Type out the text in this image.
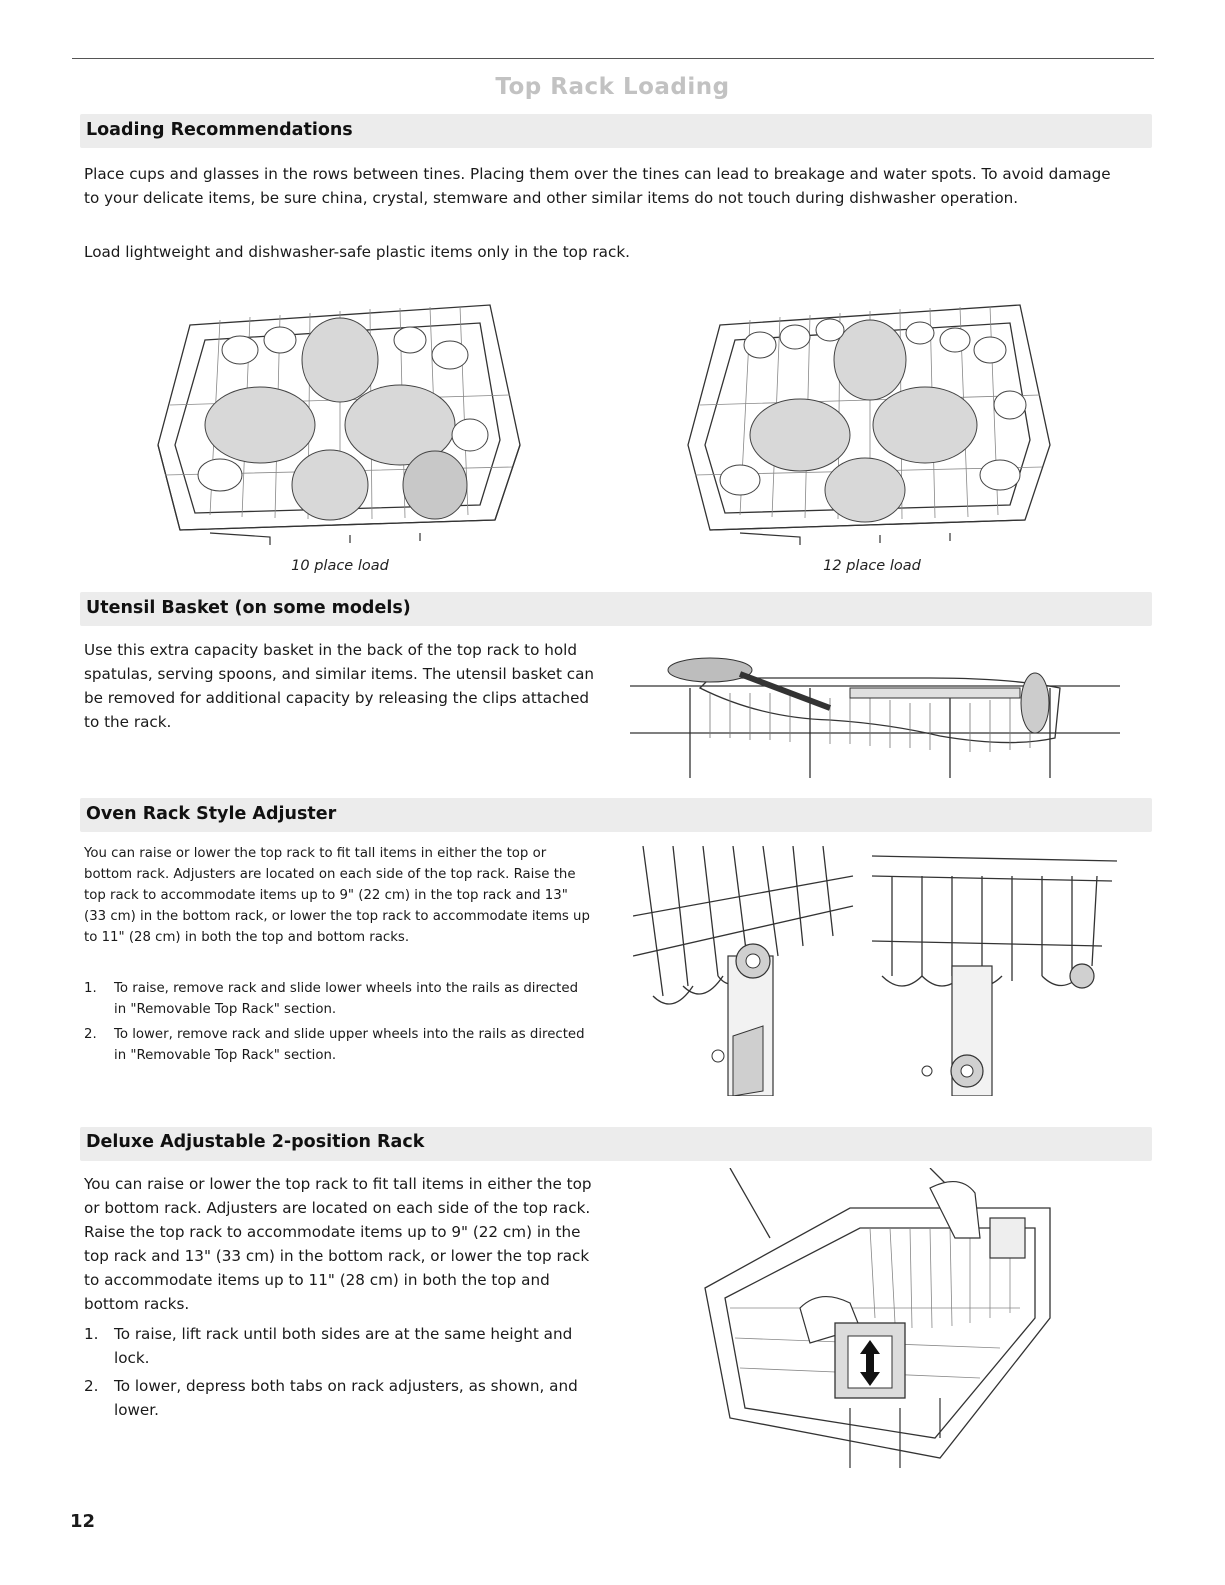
Top Rack Loading
Loading Recommendations
Place cups and glasses in the rows between tines. Placing them over the tines can lead to breakage and water spots. To avoid damage to your delicate items, be sure china, crystal, stemware and other similar items do not touch during dishwasher operation.
Load lightweight and dishwasher-safe plastic items only in the top rack.
10 place load	12 place load
Utensil Basket (on some models)
Use this extra capacity basket in the back of the top rack to hold spatulas, serving spoons, and similar items. The utensil basket can be removed for additional capacity by releasing the clips attached to the rack.
Oven Rack Style Adjuster
You can raise or lower the top rack to fit tall items in either the top or bottom rack. Adjusters are located on each side of the top rack. Raise the top rack to accommodate items up to 9" (22 cm) in the top rack and 13" (33 cm) in the bottom rack, or lower the top rack to accommodate items up to 11" (28 cm) in both the top and bottom racks.
1. To raise, remove rack and slide lower wheels into the rails as directed in "Removable Top Rack" section.
2. To lower, remove rack and slide upper wheels into the rails as directed in "Removable Top Rack" section.
Deluxe Adjustable 2-position Rack
You can raise or lower the top rack to fit tall items in either the top or bottom rack. Adjusters are located on each side of the top rack. Raise the top rack to accommodate items up to 9" (22 cm) in the top rack and 13" (33 cm) in the bottom rack, or lower the top rack to accommodate items up to 11" (28 cm) in both the top and bottom racks.
1. To raise, lift rack until both sides are at the same height and lock.
2. To lower, depress both tabs on rack adjusters, as shown, and lower.
12
